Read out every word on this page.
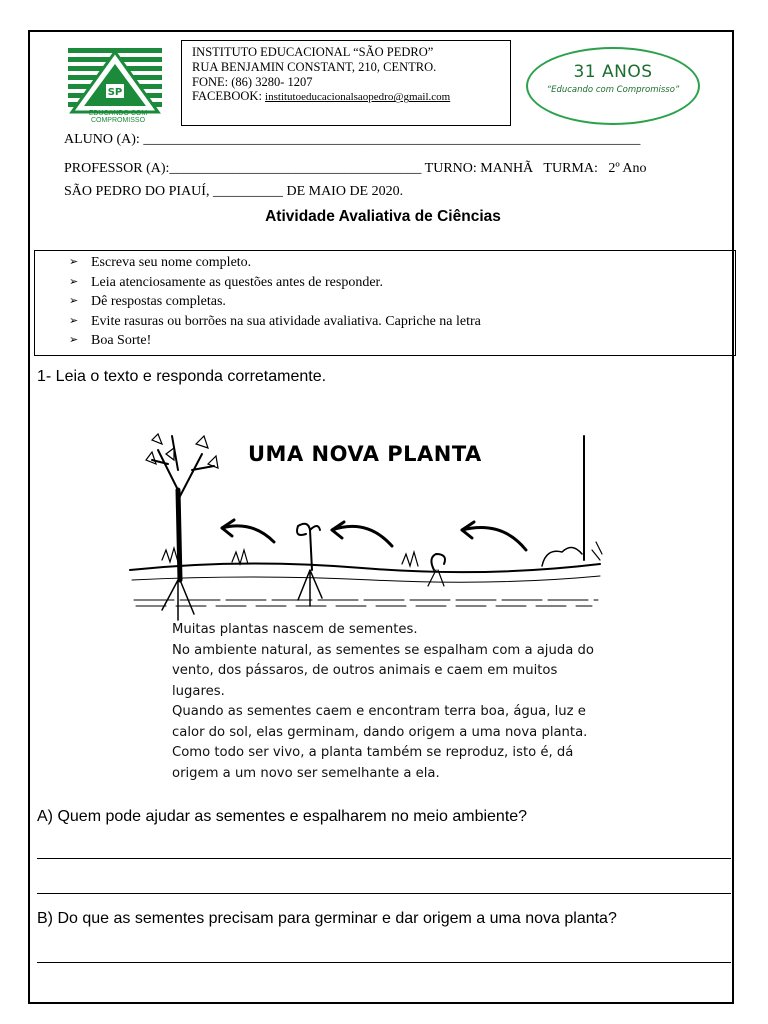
SP
EDUCANDO COM COMPROMISSO
INSTITUTO EDUCACIONAL “SÃO PEDRO”
RUA BENJAMIN CONSTANT, 210, CENTRO.
FONE: (86) 3280- 1207
FACEBOOK: institutoeducacionalsaopedro@gmail.com
31 ANOS
“Educando com Compromisso”
ALUNO (A): _______________________________________________________________________
PROFESSOR (A):____________________________________ TURNO: MANHÃ   TURMA:   2º Ano
SÃO PEDRO DO PIAUÍ, __________ DE MAIO DE 2020.
Atividade Avaliativa de Ciências
➢ Escreva seu nome completo.
➢ Leia atenciosamente as questões antes de responder.
➢ Dê respostas completas.
➢ Evite rasuras ou borrões na sua atividade avaliativa. Capriche na letra
➢ Boa Sorte!
1- Leia o texto e responda corretamente.
UMA NOVA PLANTA
Muitas plantas nascem de sementes.
No ambiente natural, as sementes se espalham com a ajuda do vento, dos pássaros, de outros animais e caem em muitos lugares.
Quando as sementes caem e encontram terra boa, água, luz e calor do sol, elas germinam, dando origem a uma nova planta.
Como todo ser vivo, a planta também se reproduz, isto é, dá origem a um novo ser semelhante a ela.
A) Quem pode ajudar as sementes e espalharem no meio ambiente?
B) Do que as sementes precisam para germinar e dar origem a uma nova planta?
